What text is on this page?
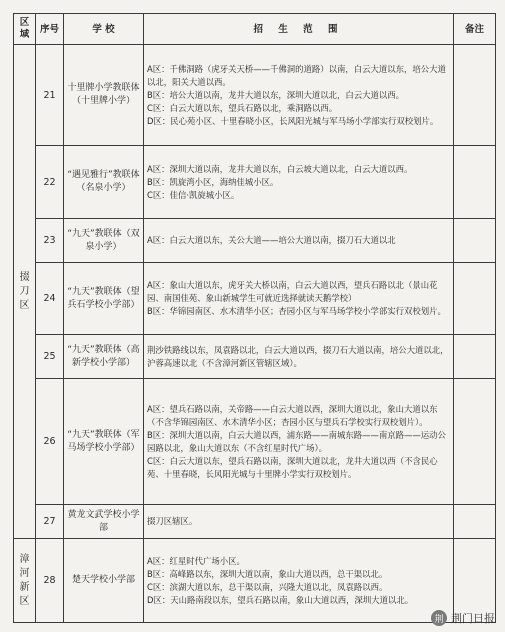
区域	序号	学 校	招 生 范 围	备注
掇刀区	21	十里牌小学教联体（十里牌小学）	A区：千佛洞路（虎牙关天桥——千佛洞的道路）以南，白云大道以东，培公大道以北，阳关大道以西。
B区：培公大道以南，龙井大道以东，深圳大道以北，白云大道以西。
C区：白云大道以东，望兵石路以北，乘洞路以西。
D区：民心苑小区、十里春晓小区，长风阳光城与军马场小学部实行双校划片。	

	22	“遇见雅行”教联体（名泉小学）	A区：深圳大道以南，龙井大道以东，白云坡大道以北，白云大道以西。
B区：凯旋湾小区，海纳佳城小区。
C区：佳信·凯旋城小区。	

	23	“九天”教联体（双泉小学）	A区：白云大道以东，关公大道——培公大道以南，掇刀石大道以北	

	24	“九天”教联体（望兵石学校小学部）	A区：象山大道以东，虎牙关大桥以南，白云大道以西，望兵石路以北（景山花园、南国佳苑、象山新城学生可就近选择就读天鹅学校）
B区：华锦园南区、水木清华小区；杏园小区与军马场学校小学部实行双校划片。	

	25	“九天”教联体（高新学校小学部）	荆沙铁路线以东，凤袁路以北，白云大道以西，掇刀石大道以南，培公大道以北，沪蓉高速以北（不含漳河新区管辖区域）。	

	26	“九天”教联体（军马场学校小学部）	A区：望兵石路以南，关帝路——白云大道以西，深圳大道以北，象山大道以东（不含华锦园南区、水木清华小区；杏园小区与望兵石学校实行双校划片）。
B区：深圳大道以南，白云大道以西，浦东路——南城东路——南京路——运动公园路以北，象山大道以东（不含红星时代广场）。
C区：白云大道以东，望兵石路以南，深圳大道以北，龙井大道以西（不含民心苑、十里春晓，长风阳光城与十里牌小学实行双校划片。	

	27	黄龙文武学校小学部	掇刀区辖区。	

漳河新区	28	楚天学校小学部	A区：红星时代广场小区。
B区：高峰路以东，深圳大道以南，象山大道以西，总干渠以北。
C区：滨湖大道以东，总干渠以南，兴隆大道以北，凤袁路以西。
D区：天山路南段以东，望兵石路以南，象山大道以西，深圳大道以北。	

荆 荆门日报
